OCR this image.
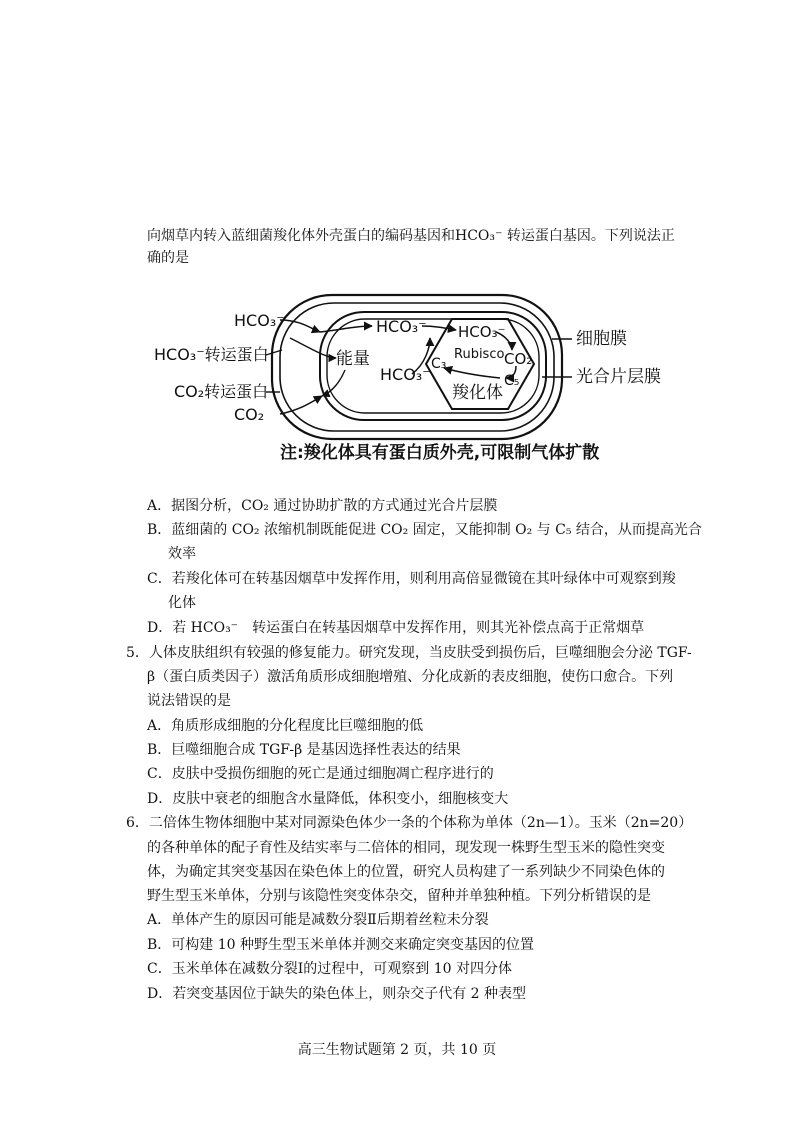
向烟草内转入蓝细菌羧化体外壳蛋白的编码基因和HCO₃⁻ 转运蛋白基因。下列说法正
确的是
HCO₃⁻
HCO₃⁻转运蛋白
CO₂转运蛋白
CO₂
能量
HCO₃⁻
HCO₃⁻
HCO₃⁻
Rubisco CO₂
C₃
C₅
羧化体
细胞膜
光合片层膜
注:羧化体具有蛋白质外壳,可限制气体扩散
A．据图分析，CO₂ 通过协助扩散的方式通过光合片层膜
B．蓝细菌的 CO₂ 浓缩机制既能促进 CO₂ 固定，又能抑制 O₂ 与 C₅ 结合，从而提高光合
效率
C．若羧化体可在转基因烟草中发挥作用，则利用高倍显微镜在其叶绿体中可观察到羧
化体
D．若 HCO₃⁻　转运蛋白在转基因烟草中发挥作用，则其光补偿点高于正常烟草
5．人体皮肤组织有较强的修复能力。研究发现，当皮肤受到损伤后，巨噬细胞会分泌 TGF-
β（蛋白质类因子）激活角质形成细胞增殖、分化成新的表皮细胞，使伤口愈合。下列
说法错误的是
A．角质形成细胞的分化程度比巨噬细胞的低
B．巨噬细胞合成 TGF-β 是基因选择性表达的结果
C．皮肤中受损伤细胞的死亡是通过细胞凋亡程序进行的
D．皮肤中衰老的细胞含水量降低，体积变小，细胞核变大
6．二倍体生物体细胞中某对同源染色体少一条的个体称为单体（2n—1）。玉米（2n=20）
的各种单体的配子育性及结实率与二倍体的相同，现发现一株野生型玉米的隐性突变
体，为确定其突变基因在染色体上的位置，研究人员构建了一系列缺少不同染色体的
野生型玉米单体，分别与该隐性突变体杂交，留种并单独种植。下列分析错误的是
A．单体产生的原因可能是减数分裂Ⅱ后期着丝粒未分裂
B．可构建 10 种野生型玉米单体并测交来确定突变基因的位置
C．玉米单体在减数分裂Ⅰ的过程中，可观察到 10 对四分体
D．若突变基因位于缺失的染色体上，则杂交子代有 2 种表型
高三生物试题第 2 页，共 10 页
